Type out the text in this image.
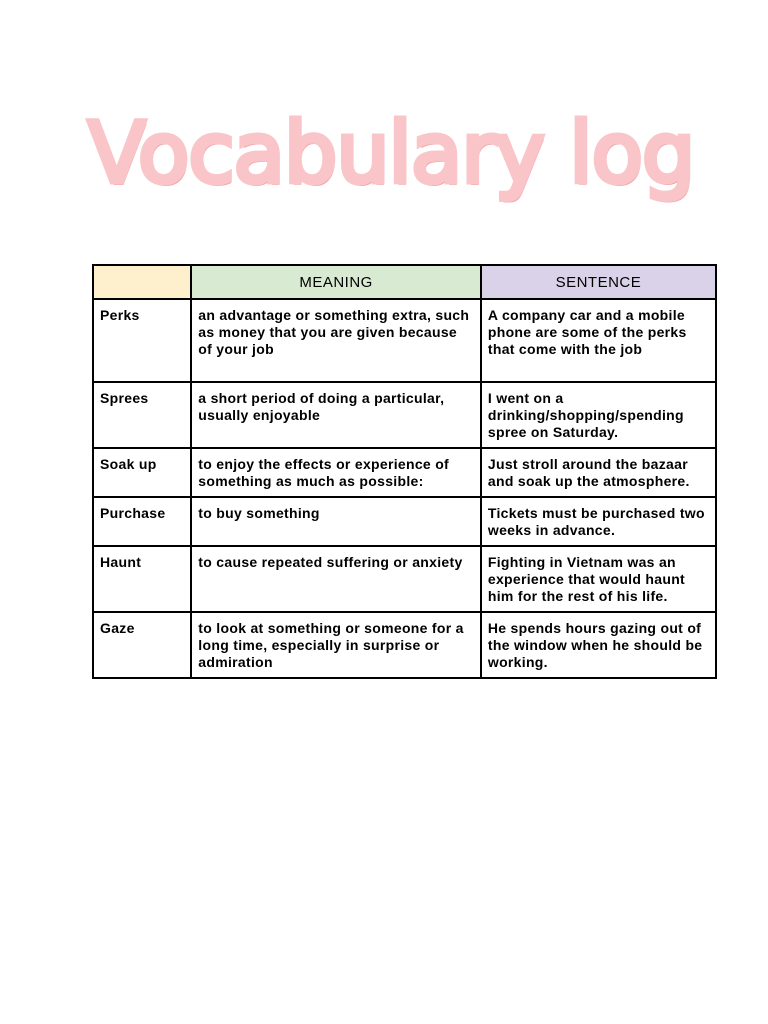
Vocabulary log
	MEANING	SENTENCE
Perks	an advantage or something extra, such as money that you are given because of your job	A company car and a mobile phone are some of the perks that come with the job
Sprees	a short period of doing a particular, usually enjoyable	I went on a drinking/shopping/spending spree on Saturday.
Soak up	to enjoy the effects or experience of something as much as possible:	Just stroll around the bazaar and soak up the atmosphere.
Purchase	to buy something	Tickets must be purchased two weeks in advance.
Haunt	to cause repeated suffering or anxiety	Fighting in Vietnam was an experience that would haunt him for the rest of his life.
Gaze	to look at something or someone for a long time, especially in surprise or admiration	He spends hours gazing out of the window when he should be working.
